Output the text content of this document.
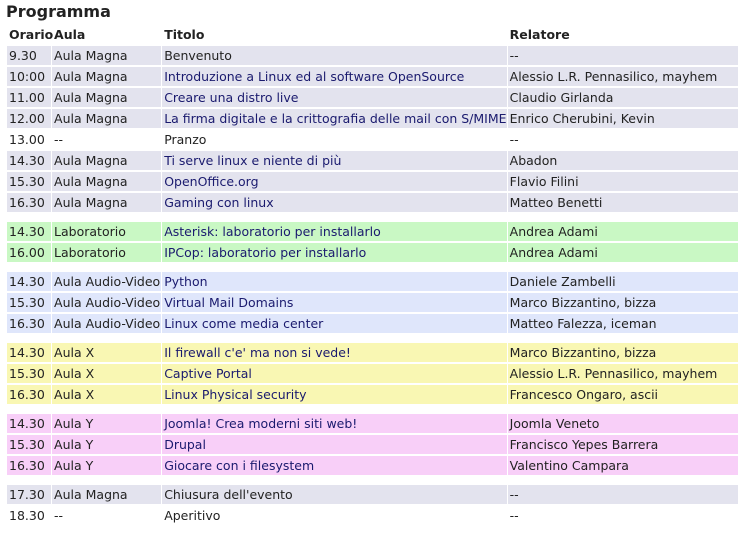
Programma
Orario	Aula	Titolo	Relatore
9.30	Aula Magna	Benvenuto	--
10:00	Aula Magna	Introduzione a Linux ed al software OpenSource	Alessio L.R. Pennasilico, mayhem
11.00	Aula Magna	Creare una distro live	Claudio Girlanda
12.00	Aula Magna	La firma digitale e la crittografia delle mail con S/MIME	Enrico Cherubini, Kevin
13.00	--	Pranzo	--
14.30	Aula Magna	Ti serve linux e niente di più	Abadon
15.30	Aula Magna	OpenOffice.org	Flavio Filini
16.30	Aula Magna	Gaming con linux	Matteo Benetti

14.30	Laboratorio	Asterisk: laboratorio per installarlo	Andrea Adami
16.00	Laboratorio	IPCop: laboratorio per installarlo	Andrea Adami

14.30	Aula Audio-Video	Python	Daniele Zambelli
15.30	Aula Audio-Video	Virtual Mail Domains	Marco Bizzantino, bizza
16.30	Aula Audio-Video	Linux come media center	Matteo Falezza, iceman

14.30	Aula X	Il firewall c'e' ma non si vede!	Marco Bizzantino, bizza
15.30	Aula X	Captive Portal	Alessio L.R. Pennasilico, mayhem
16.30	Aula X	Linux Physical security	Francesco Ongaro, ascii

14.30	Aula Y	Joomla! Crea moderni siti web!	Joomla Veneto
15.30	Aula Y	Drupal	Francisco Yepes Barrera
16.30	Aula Y	Giocare con i filesystem	Valentino Campara

17.30	Aula Magna	Chiusura dell'evento	--
18.30	--	Aperitivo	--
